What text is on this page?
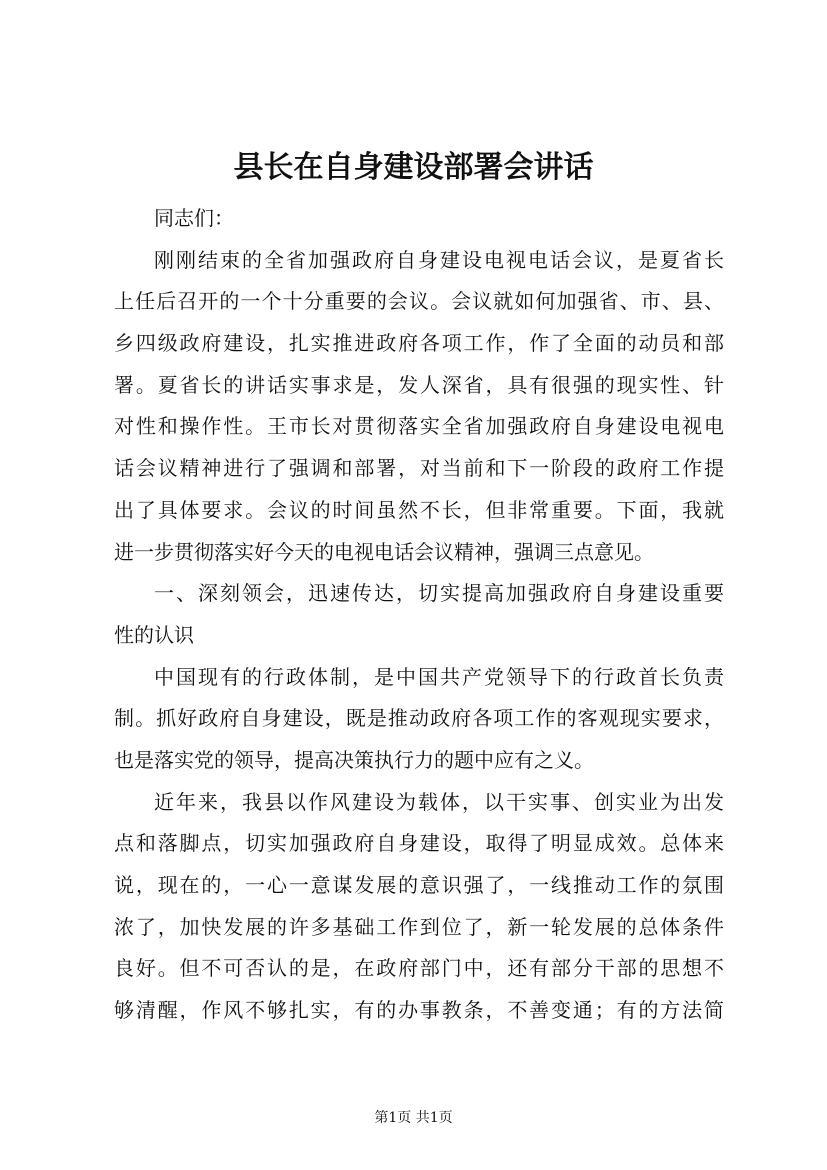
县长在自身建设部署会讲话
同志们：
刚刚结束的全省加强政府自身建设电视电话会议，是夏省长
上任后召开的一个十分重要的会议。会议就如何加强省、市、县、
乡四级政府建设，扎实推进政府各项工作，作了全面的动员和部
署。夏省长的讲话实事求是，发人深省，具有很强的现实性、针
对性和操作性。王市长对贯彻落实全省加强政府自身建设电视电
话会议精神进行了强调和部署，对当前和下一阶段的政府工作提
出了具体要求。会议的时间虽然不长，但非常重要。下面，我就
进一步贯彻落实好今天的电视电话会议精神，强调三点意见。
一、深刻领会，迅速传达，切实提高加强政府自身建设重要
性的认识
中国现有的行政体制，是中国共产党领导下的行政首长负责
制。抓好政府自身建设，既是推动政府各项工作的客观现实要求，
也是落实党的领导，提高决策执行力的题中应有之义。
近年来，我县以作风建设为载体，以干实事、创实业为出发
点和落脚点，切实加强政府自身建设，取得了明显成效。总体来
说，现在的，一心一意谋发展的意识强了，一线推动工作的氛围
浓了，加快发展的许多基础工作到位了，新一轮发展的总体条件
良好。但不可否认的是，在政府部门中，还有部分干部的思想不
够清醒，作风不够扎实，有的办事教条，不善变通；有的方法简
第1页 共1页
